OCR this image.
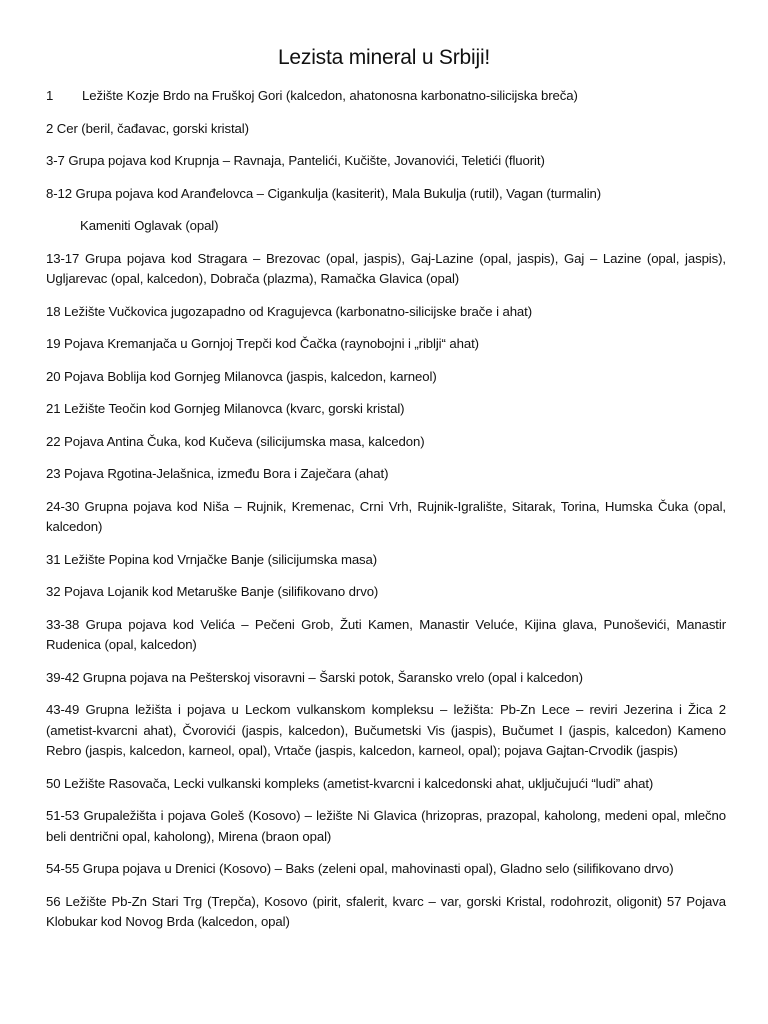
Lezista mineral u Srbiji!

1 Ležište Kozje Brdo na Fruškoj Gori (kalcedon, ahatonosna karbonatno-silicijska breča)

2 Cer (beril, čađavac, gorski kristal)

3-7 Grupa pojava kod Krupnja – Ravnaja, Pantelići, Kučište, Jovanovići, Teletići (fluorit)

8-12 Grupa pojava kod Aranđelovca – Cigankulja (kasiterit), Mala Bukulja (rutil), Vagan (turmalin)

Kameniti Oglavak (opal)

13-17 Grupa pojava kod Stragara – Brezovac (opal, jaspis), Gaj-Lazine (opal, jaspis), Gaj – Lazine (opal, jaspis), Ugljarevac (opal, kalcedon), Dobrača (plazma), Ramačka Glavica (opal)

18 Ležište Vučkovica jugozapadno od Kragujevca (karbonatno-silicijske brače i ahat)

19 Pojava Kremanjača u Gornjoj Trepči kod Čačka (raynobojni i „riblji“ ahat)

20 Pojava Boblija kod Gornjeg Milanovca (jaspis, kalcedon, karneol)

21 Ležište Teočin kod Gornjeg Milanovca (kvarc, gorski kristal)

22 Pojava Antina Čuka, kod Kučeva (silicijumska masa, kalcedon)

23 Pojava Rgotina-Jelašnica, između Bora i Zaječara (ahat)

24-30 Grupna pojava kod Niša – Rujnik, Kremenac, Crni Vrh, Rujnik-Igralište, Sitarak, Torina, Humska Čuka (opal, kalcedon)

31 Ležište Popina kod Vrnjačke Banje (silicijumska masa)

32 Pojava Lojanik kod Metaruške Banje (silifikovano drvo)

33-38 Grupa pojava kod Velića – Pečeni Grob, Žuti Kamen, Manastir Veluće, Kijina glava, Punoševići, Manastir Rudenica (opal, kalcedon)

39-42 Grupna pojava na Pešterskoj visoravni – Šarski potok, Šaransko vrelo (opal i kalcedon)

43-49 Grupna ležišta i pojava u Leckom vulkanskom kompleksu – ležišta: Pb-Zn Lece – reviri Jezerina i Žica 2 (ametist-kvarcni ahat), Čvorovići (jaspis, kalcedon), Bučumetski Vis (jaspis), Bučumet I (jaspis, kalcedon) Kameno Rebro (jaspis, kalcedon, karneol, opal), Vrtače (jaspis, kalcedon, karneol, opal); pojava Gajtan-Crvodik (jaspis)

50 Ležište Rasovača, Lecki vulkanski kompleks (ametist-kvarcni i kalcedonski ahat, uključujući “ludi” ahat)

51-53 Grupaležišta i pojava Goleš (Kosovo) – ležište Ni Glavica (hrizopras, prazopal, kaholong, medeni opal, mlečno beli dentrični opal, kaholong), Mirena (braon opal)

54-55 Grupa pojava u Drenici (Kosovo) – Baks (zeleni opal, mahovinasti opal), Gladno selo (silifikovano drvo)

56 Ležište Pb-Zn Stari Trg (Trepča), Kosovo (pirit, sfalerit, kvarc – var, gorski Kristal, rodohrozit, oligonit) 57 Pojava Klobukar kod Novog Brda (kalcedon, opal)
